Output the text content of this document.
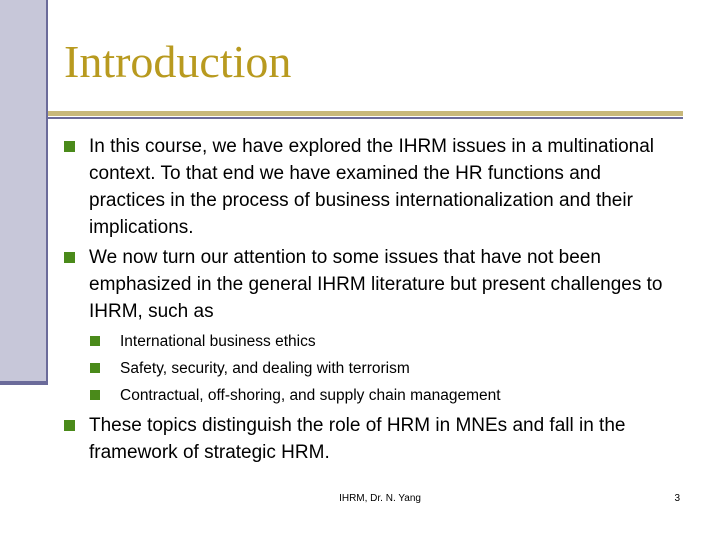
Introduction
In this course, we have explored the IHRM issues in a multinational context. To that end we have examined the HR functions and practices in the process of business internationalization and their implications.
We now turn our attention to some issues that have not been emphasized in the general IHRM literature but present challenges to IHRM, such as
International business ethics
Safety, security, and dealing with terrorism
Contractual, off-shoring, and supply chain management
These topics distinguish the role of HRM in MNEs and fall in the framework of strategic HRM.
IHRM, Dr. N. Yang	3
